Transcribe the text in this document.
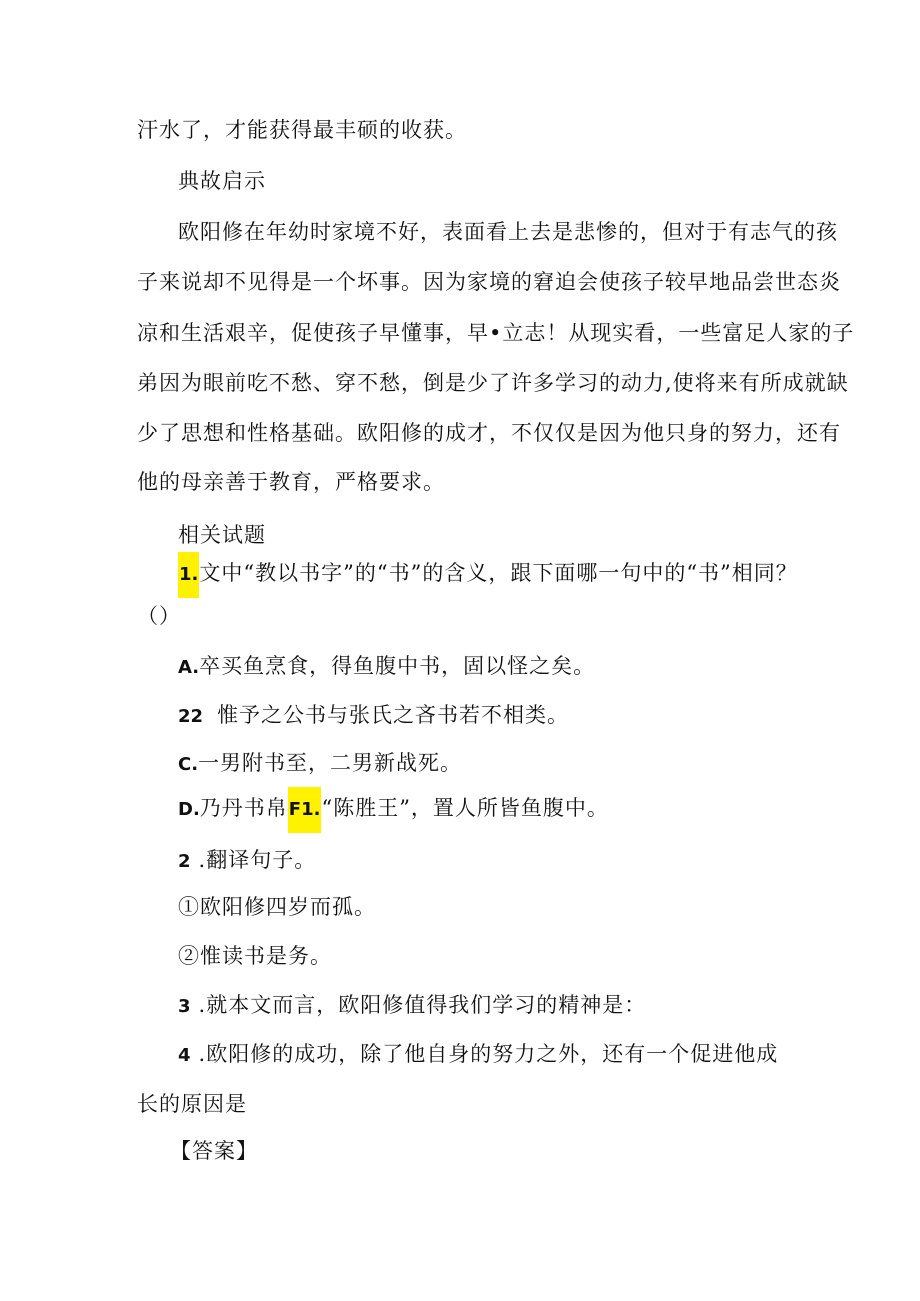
汗水了，才能获得最丰硕的收获。
典故启示
欧阳修在年幼时家境不好，表面看上去是悲惨的，但对于有志气的孩
子来说却不见得是一个坏事。因为家境的窘迫会使孩子较早地品尝世态炎
凉和生活艰辛，促使孩子早懂事，早•立志！从现实看，一些富足人家的子
弟因为眼前吃不愁、穿不愁，倒是少了许多学习的动力,使将来有所成就缺
少了思想和性格基础。欧阳修的成才，不仅仅是因为他只身的努力，还有
他的母亲善于教育，严格要求。
相关试题
1.文中“教以书字”的“书”的含义，跟下面哪一句中的“书”相同？
（）
A.卒买鱼烹食，得鱼腹中书，固以怪之矣。
22 惟予之公书与张氏之吝书若不相类。
C.一男附书至，二男新战死。
D.乃丹书帛F1.“陈胜王”，置人所皆鱼腹中。
2 .翻译句子。
①欧阳修四岁而孤。
②惟读书是务。
3 .就本文而言，欧阳修值得我们学习的精神是：
4 .欧阳修的成功，除了他自身的努力之外，还有一个促进他成
长的原因是
【答案】
